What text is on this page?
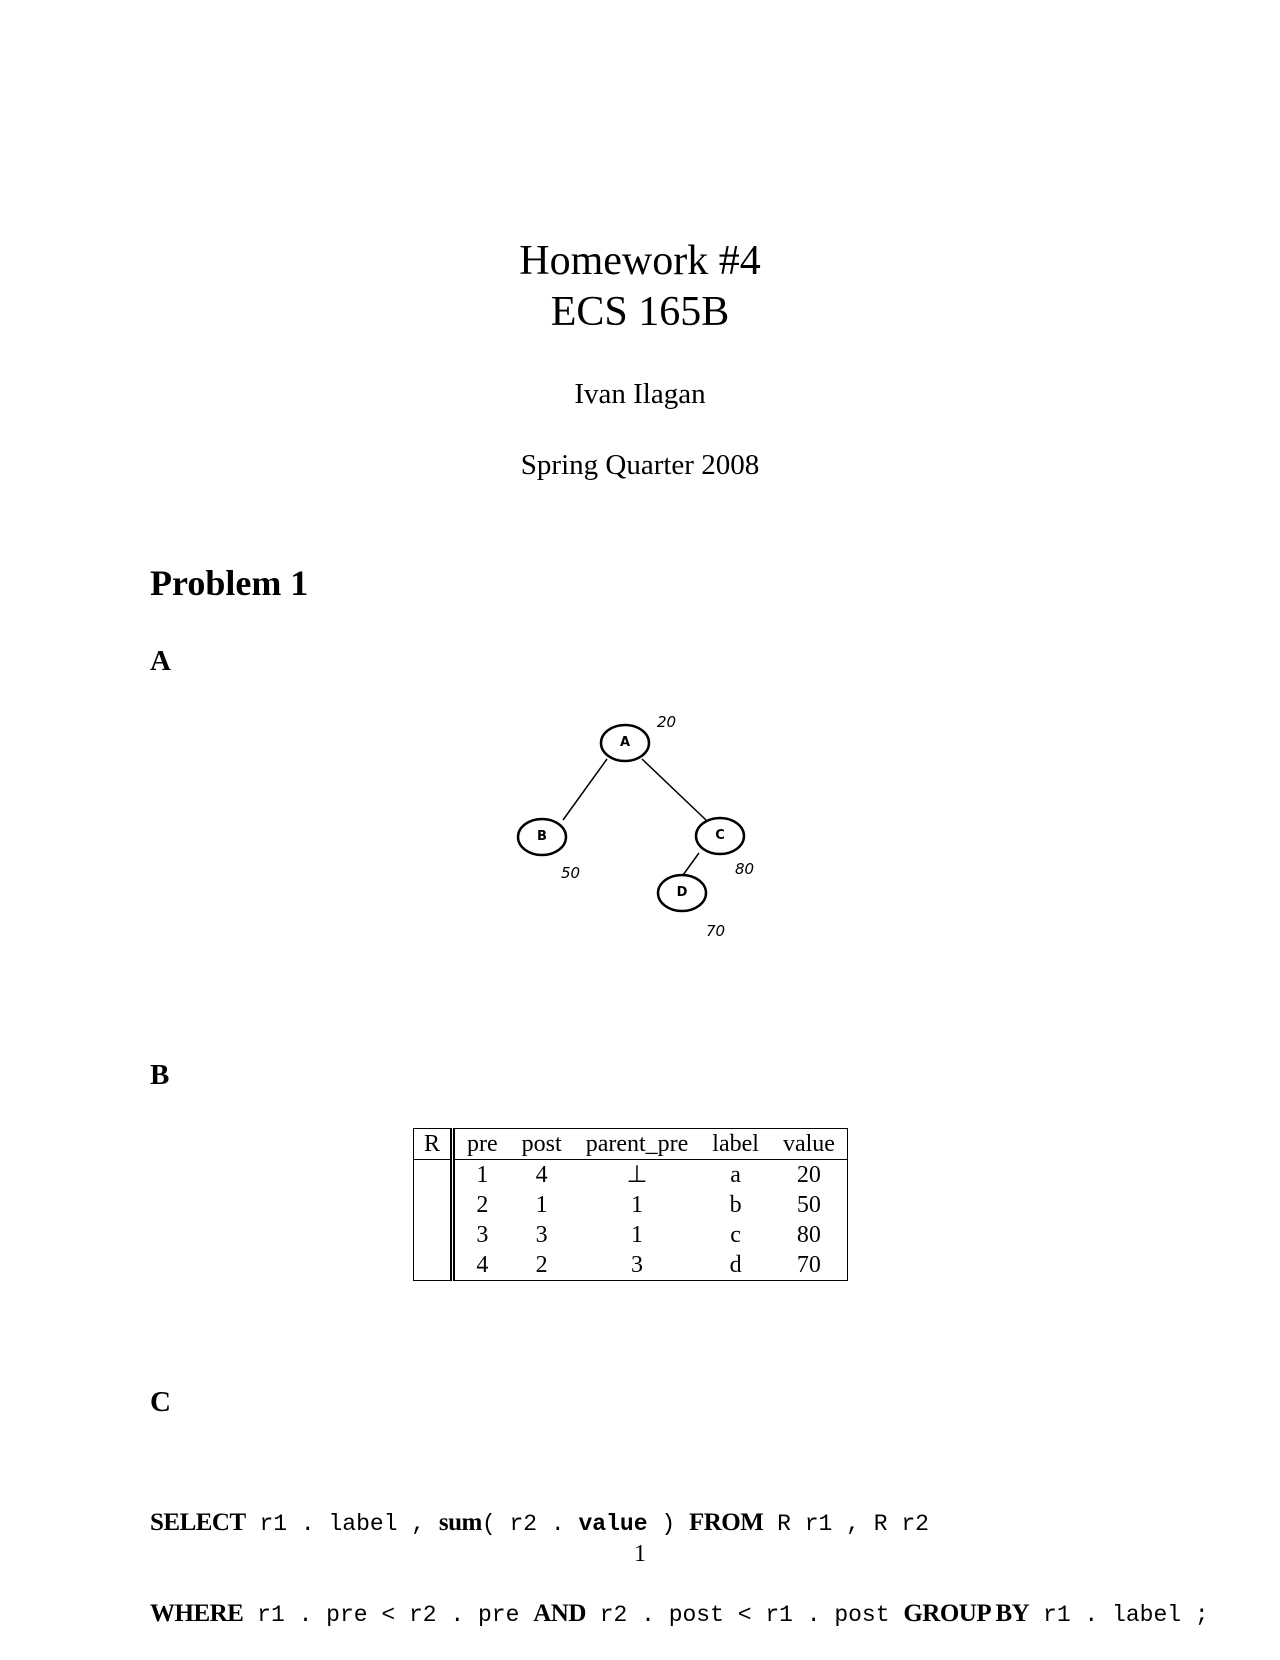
Homework #4
ECS 165B
Ivan Ilagan
Spring Quarter 2008
Problem 1
A
A
B	C
D
20
50	80
70
B
R	pre	post	parent_pre	label	value
	1	4	⊥	a	20
	2	1	1	b	50
	3	3	1	c	80
	4	2	3	d	70
C

SELECT r1 . label , sum( r2 . value ) FROM R r1 , R r2

WHERE r1 . pre < r2 . pre AND r2 . post < r1 . post GROUP BY r1 . label ;

1
